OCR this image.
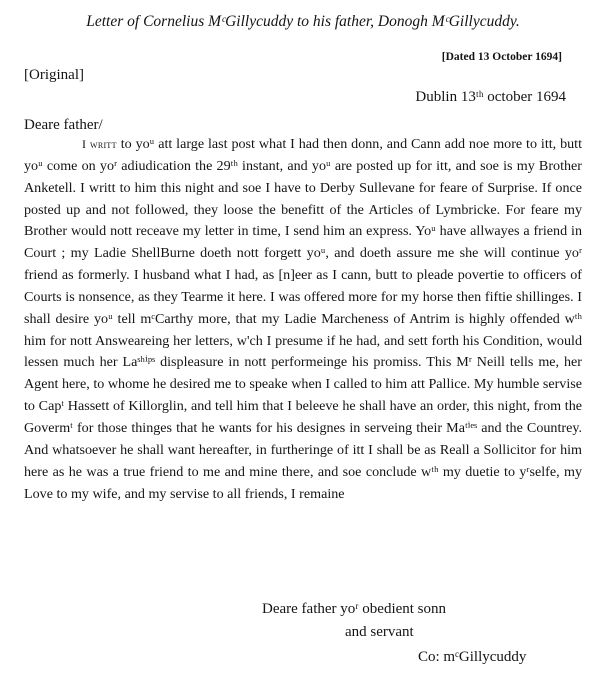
Letter of Cornelius MᶜGillycuddy to his father, Donogh MᶜGillycuddy.
[Dated 13 October 1694]
[Original]
Dublin 13ᵗʰ october 1694
Deare father/

I writt to yoᵘ att large last post what I had then donn, and Cann add noe more to itt, butt yoᵘ come on yoʳ adiudication the 29ᵗʰ instant, and yoᵘ are posted up for itt, and soe is my Brother Anketell. I writt to him this night and soe I have to Derby Sullevane for feare of Surprise. If once posted up and not followed, they loose the benefitt of the Articles of Lymbricke. For feare my Brother would nott receave my letter in time, I send him an express. Yoᵘ have allwayes a friend in Court ; my Ladie ShellBurne doeth nott forgett yoᵘ, and doeth assure me she will continue yoʳ friend as formerly. I husband what I had, as [n]eer as I cann, butt to pleade povertie to officers of Courts is nonsence, as they Tearme it here. I was offered more for my horse then fiftie shillinges. I shall desire yoᵘ tell mᶜCarthy more, that my Ladie Marcheness of Antrim is highly offended wᵗʰ him for nott Answeareing her letters, w'ch I presume if he had, and sett forth his Condition, would lessen much her Laˢʰⁱᵖˢ displeasure in nott performeinge his promiss. This Mʳ Neill tells me, her Agent here, to whome he desired me to speake when I called to him att Pallice. My humble servise to Capᵗ Hassett of Killorglin, and tell him that I beleeve he shall have an order, this night, from the Govermᵗ for those thinges that he wants for his designes in serveing their Maᵗⁱᵉˢ and the Countrey. And whatsoever he shall want hereafter, in furtheringe of itt I shall be as Reall a Sollicitor for him here as he was a true friend to me and mine there, and soe conclude wᵗʰ my duetie to yʳselfe, my Love to my wife, and my servise to all friends, I remaine

Deare father yoʳ obedient sonn
and servant
Co: mᶜGillycuddy
